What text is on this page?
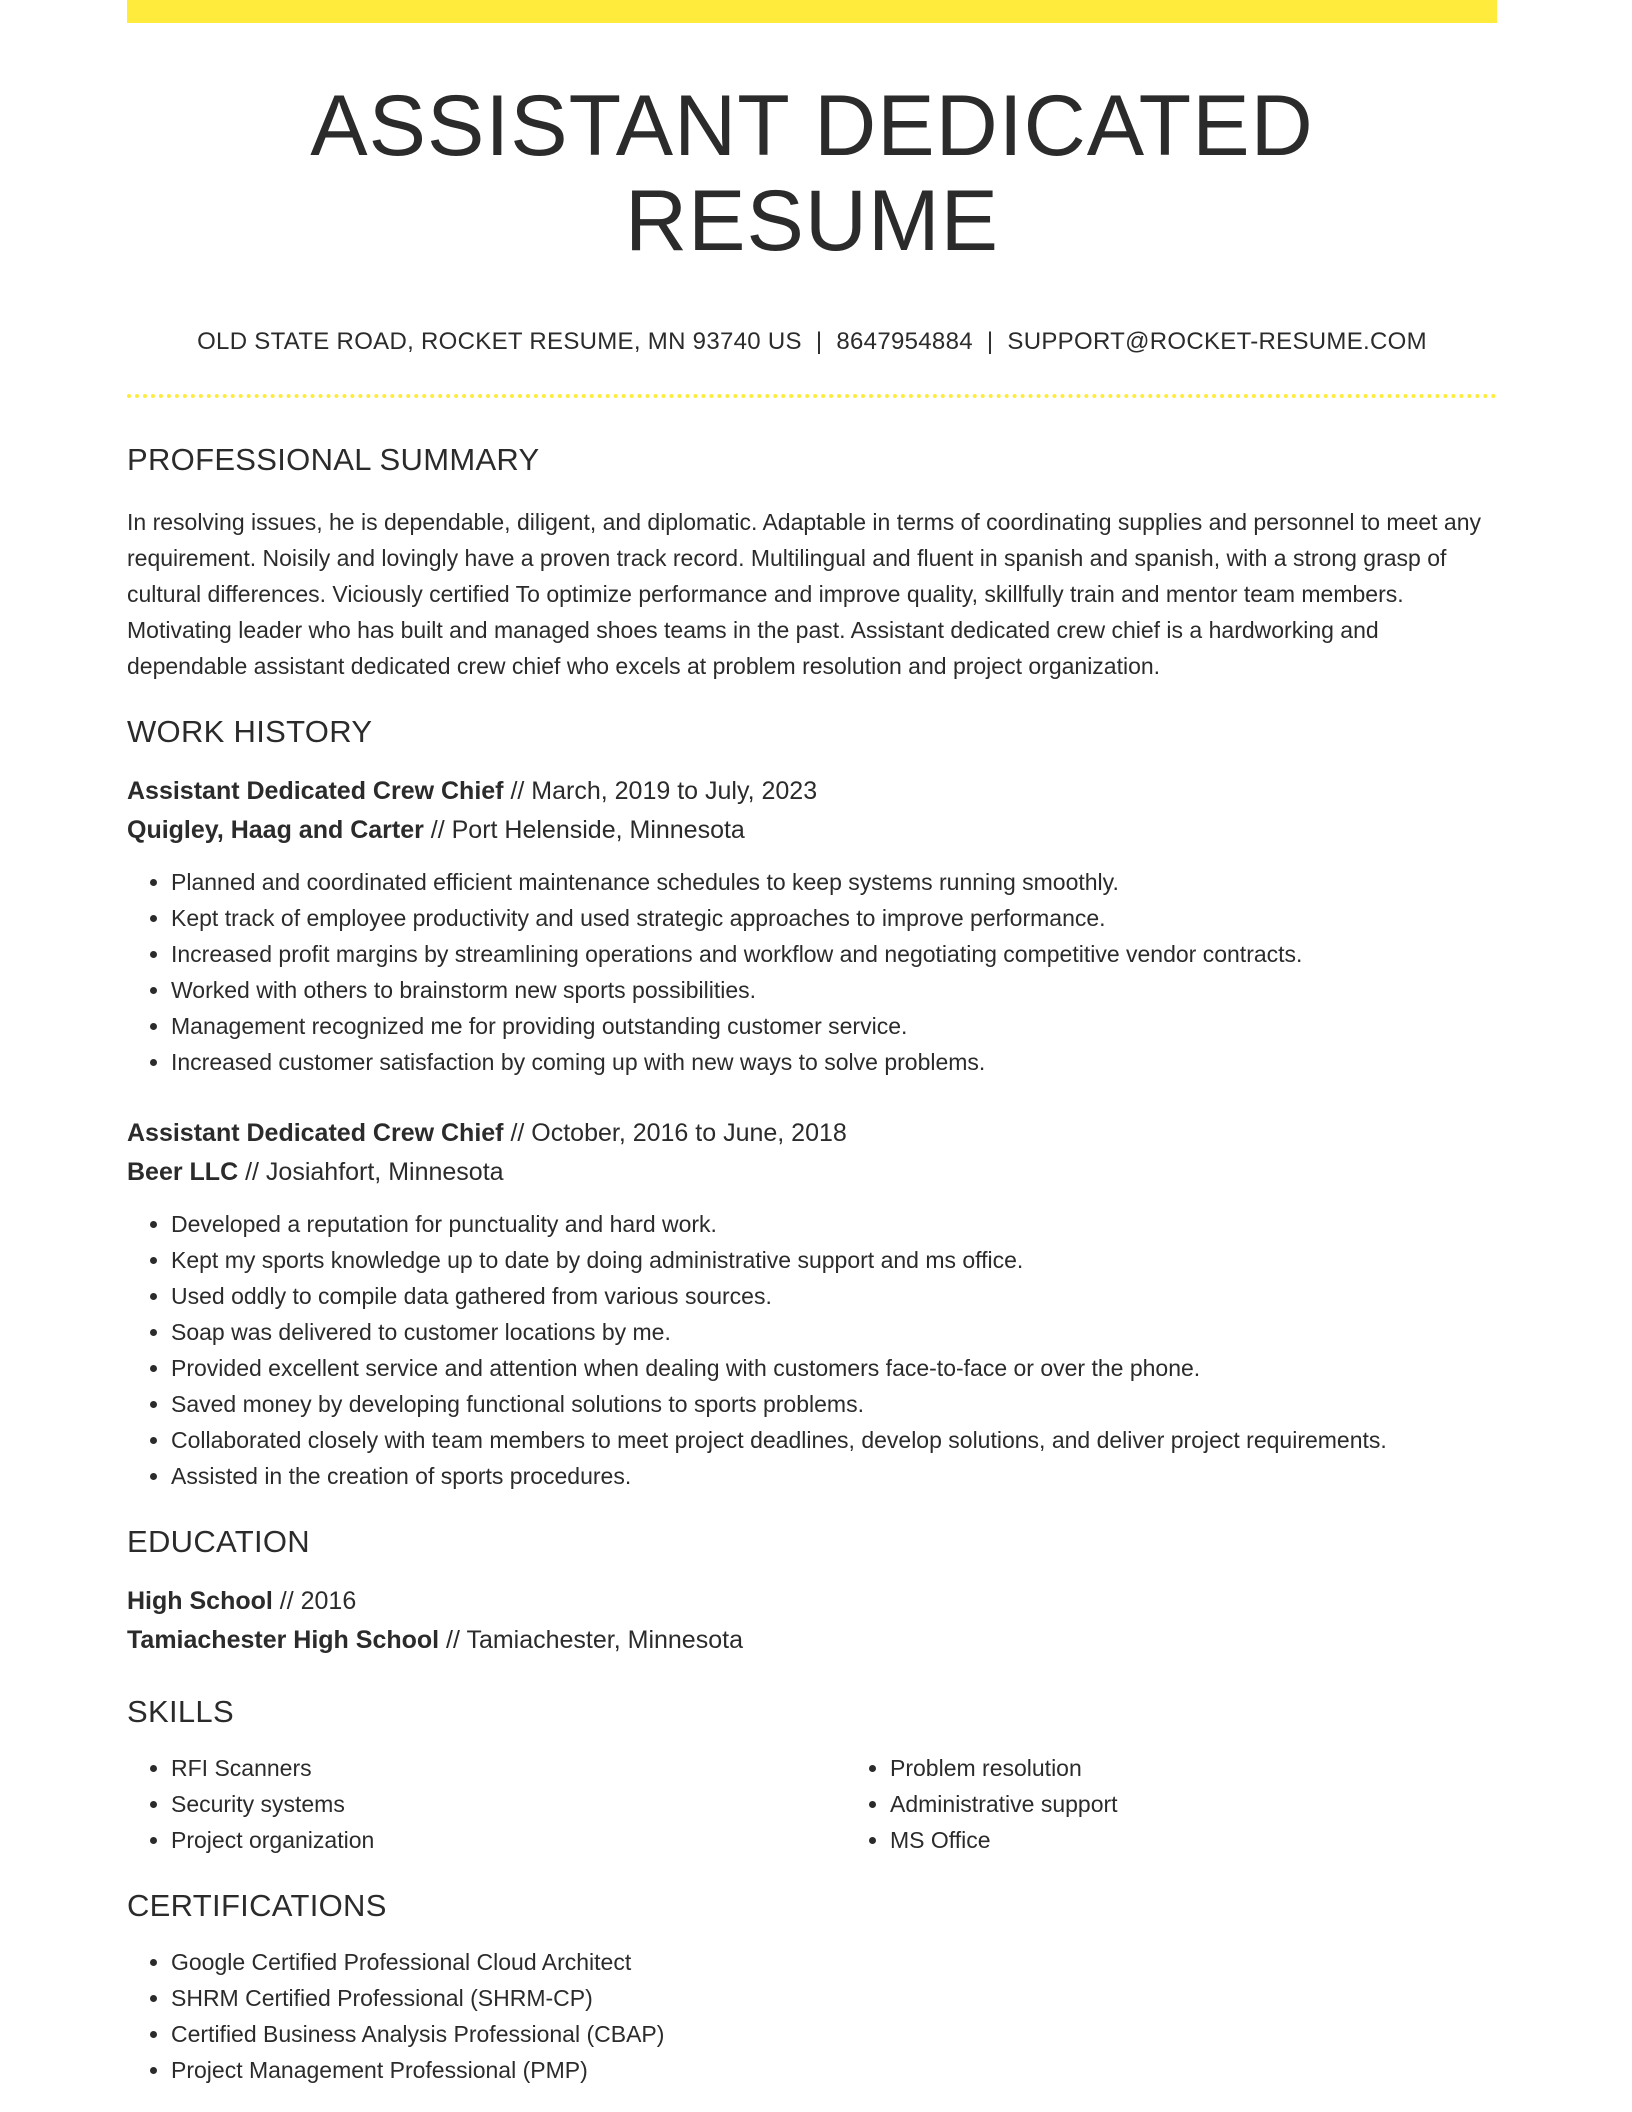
ASSISTANT DEDICATED RESUME
OLD STATE ROAD, ROCKET RESUME, MN 93740 US | 8647954884 | SUPPORT@ROCKET-RESUME.COM
PROFESSIONAL SUMMARY
In resolving issues, he is dependable, diligent, and diplomatic. Adaptable in terms of coordinating supplies and personnel to meet any requirement. Noisily and lovingly have a proven track record. Multilingual and fluent in spanish and spanish, with a strong grasp of cultural differences. Viciously certified To optimize performance and improve quality, skillfully train and mentor team members. Motivating leader who has built and managed shoes teams in the past. Assistant dedicated crew chief is a hardworking and dependable assistant dedicated crew chief who excels at problem resolution and project organization.
WORK HISTORY
Assistant Dedicated Crew Chief // March, 2019 to July, 2023
Quigley, Haag and Carter // Port Helenside, Minnesota
• Planned and coordinated efficient maintenance schedules to keep systems running smoothly.
• Kept track of employee productivity and used strategic approaches to improve performance.
• Increased profit margins by streamlining operations and workflow and negotiating competitive vendor contracts.
• Worked with others to brainstorm new sports possibilities.
• Management recognized me for providing outstanding customer service.
• Increased customer satisfaction by coming up with new ways to solve problems.
Assistant Dedicated Crew Chief // October, 2016 to June, 2018
Beer LLC // Josiahfort, Minnesota
• Developed a reputation for punctuality and hard work.
• Kept my sports knowledge up to date by doing administrative support and ms office.
• Used oddly to compile data gathered from various sources.
• Soap was delivered to customer locations by me.
• Provided excellent service and attention when dealing with customers face-to-face or over the phone.
• Saved money by developing functional solutions to sports problems.
• Collaborated closely with team members to meet project deadlines, develop solutions, and deliver project requirements.
• Assisted in the creation of sports procedures.
EDUCATION
High School // 2016
Tamiachester High School // Tamiachester, Minnesota
SKILLS
• RFI Scanners
• Security systems
• Project organization
• Problem resolution
• Administrative support
• MS Office
CERTIFICATIONS
• Google Certified Professional Cloud Architect
• SHRM Certified Professional (SHRM-CP)
• Certified Business Analysis Professional (CBAP)
• Project Management Professional (PMP)
